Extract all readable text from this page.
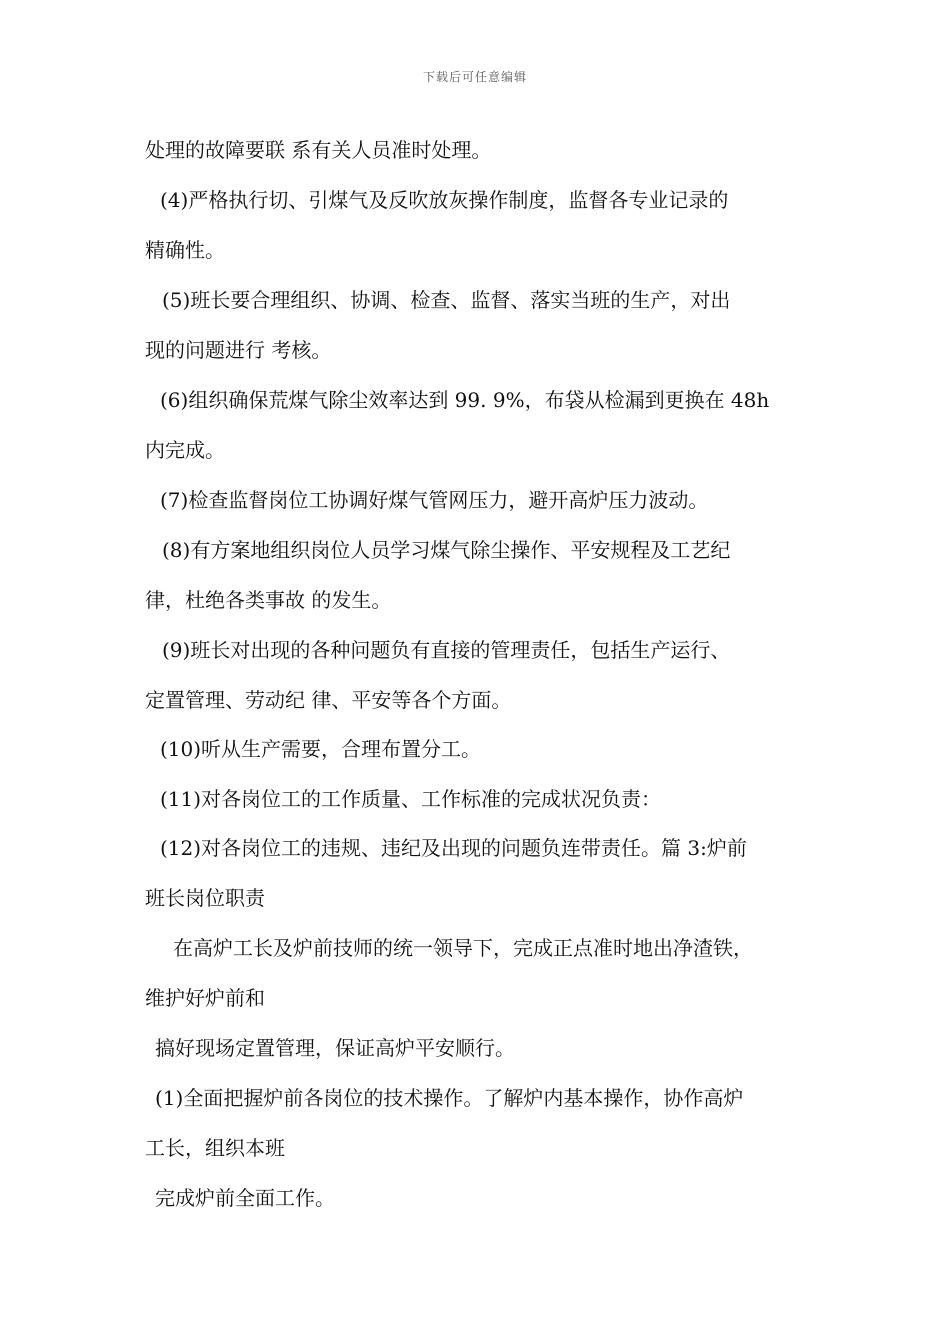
下载后可任意编辑
处理的故障要联 系有关人员准时处理。
(4)严格执行切、引煤气及反吹放灰操作制度，监督各专业记录的
精确性。
(5)班长要合理组织、协调、检查、监督、落实当班的生产，对出
现的问题进行 考核。
(6)组织确保荒煤气除尘效率达到 99. 9%，布袋从检漏到更换在 48h
内完成。
(7)检查监督岗位工协调好煤气管网压力，避开高炉压力波动。
(8)有方案地组织岗位人员学习煤气除尘操作、平安规程及工艺纪
律，杜绝各类事故 的发生。
(9)班长对出现的各种问题负有直接的管理责任，包括生产运行、
定置管理、劳动纪 律、平安等各个方面。
(10)听从生产需要，合理布置分工。
(11)对各岗位工的工作质量、工作标准的完成状况负责：
(12)对各岗位工的违规、违纪及出现的问题负连带责任。篇 3:炉前
班长岗位职责
在高炉工长及炉前技师的统一领导下，完成正点准时地出净渣铁，
维护好炉前和
搞好现场定置管理，保证高炉平安顺行。
(1)全面把握炉前各岗位的技术操作。了解炉内基本操作，协作高炉
工长，组织本班
完成炉前全面工作。
